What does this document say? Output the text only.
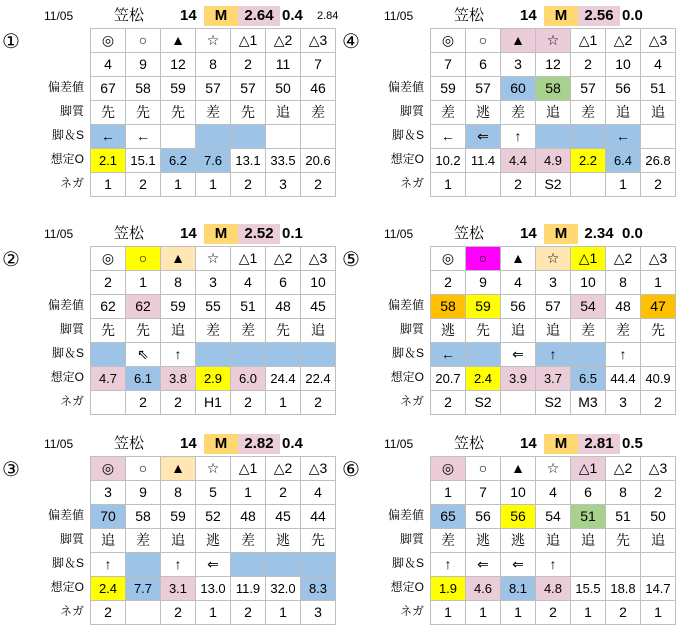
11/05	笠松 14	M	2.64 0.4 2.84
①
偏差値
脚質
脚＆S
想定O
ネガ
◎	○	▲	☆	△1	△2	△3
4	9	12	8	2	11	7
67	58	59	57	57	50	46
先	先	先	差	先	追	差
←	←					
2.1	15.1	6.2	7.6	13.1	33.5	20.6
1	2	1	1	2	3	2
11/05	笠松 14	M	2.56 0.0
④
偏差値
脚質
脚＆S
想定O
ネガ
◎	○	▲	☆	△1	△2	△3
7	6	3	12	2	10	4
59	57	60	58	57	56	51
差	逃	差	追	差	追	追
←	⇐	↑			←	
10.2	11.4	4.4	4.9	2.2	6.4	26.8
1		2	S2		1	2
11/05	笠松 14	M	2.52 0.1
②
偏差値
脚質
脚＆S
想定O
ネガ
◎	○	▲	☆	△1	△2	△3
2	1	8	3	4	6	10
62	62	59	55	51	48	45
先	先	追	差	差	先	追
	⇖	↑				
4.7	6.1	3.8	2.9	6.0	24.4	22.4
	2	2	H1	2	1	2
11/05	笠松 14	M	2.34 0.0
⑤
偏差値
脚質
脚＆S
想定O
ネガ
◎	○	▲	☆	△1	△2	△3
2	9	4	3	10	8	1
58	59	56	57	54	48	47
逃	先	追	追	差	差	先
←		⇐	↑		↑	
20.7	2.4	3.9	3.7	6.5	44.4	40.9
2	S2		S2	M3	3	2
11/05	笠松 14	M	2.82 0.4
③
偏差値
脚質
脚＆S
想定O
ネガ
◎	○	▲	☆	△1	△2	△3
3	9	8	5	1	2	4
70	58	59	52	48	45	44
追	差	追	逃	差	逃	先
↑		↑	⇐			
2.4	7.7	3.1	13.0	11.9	32.0	8.3
2		2	1	2	1	3
11/05	笠松 14	M	2.81 0.5
⑥
偏差値
脚質
脚＆S
想定O
ネガ
◎	○	▲	☆	△1	△2	△3
1	7	10	4	6	8	2
65	56	56	54	51	51	50
差	逃	逃	追	追	先	追
↑	⇐	⇐	↑			
1.9	4.6	8.1	4.8	15.5	18.8	14.7
1	1	1	2	1	2	1
